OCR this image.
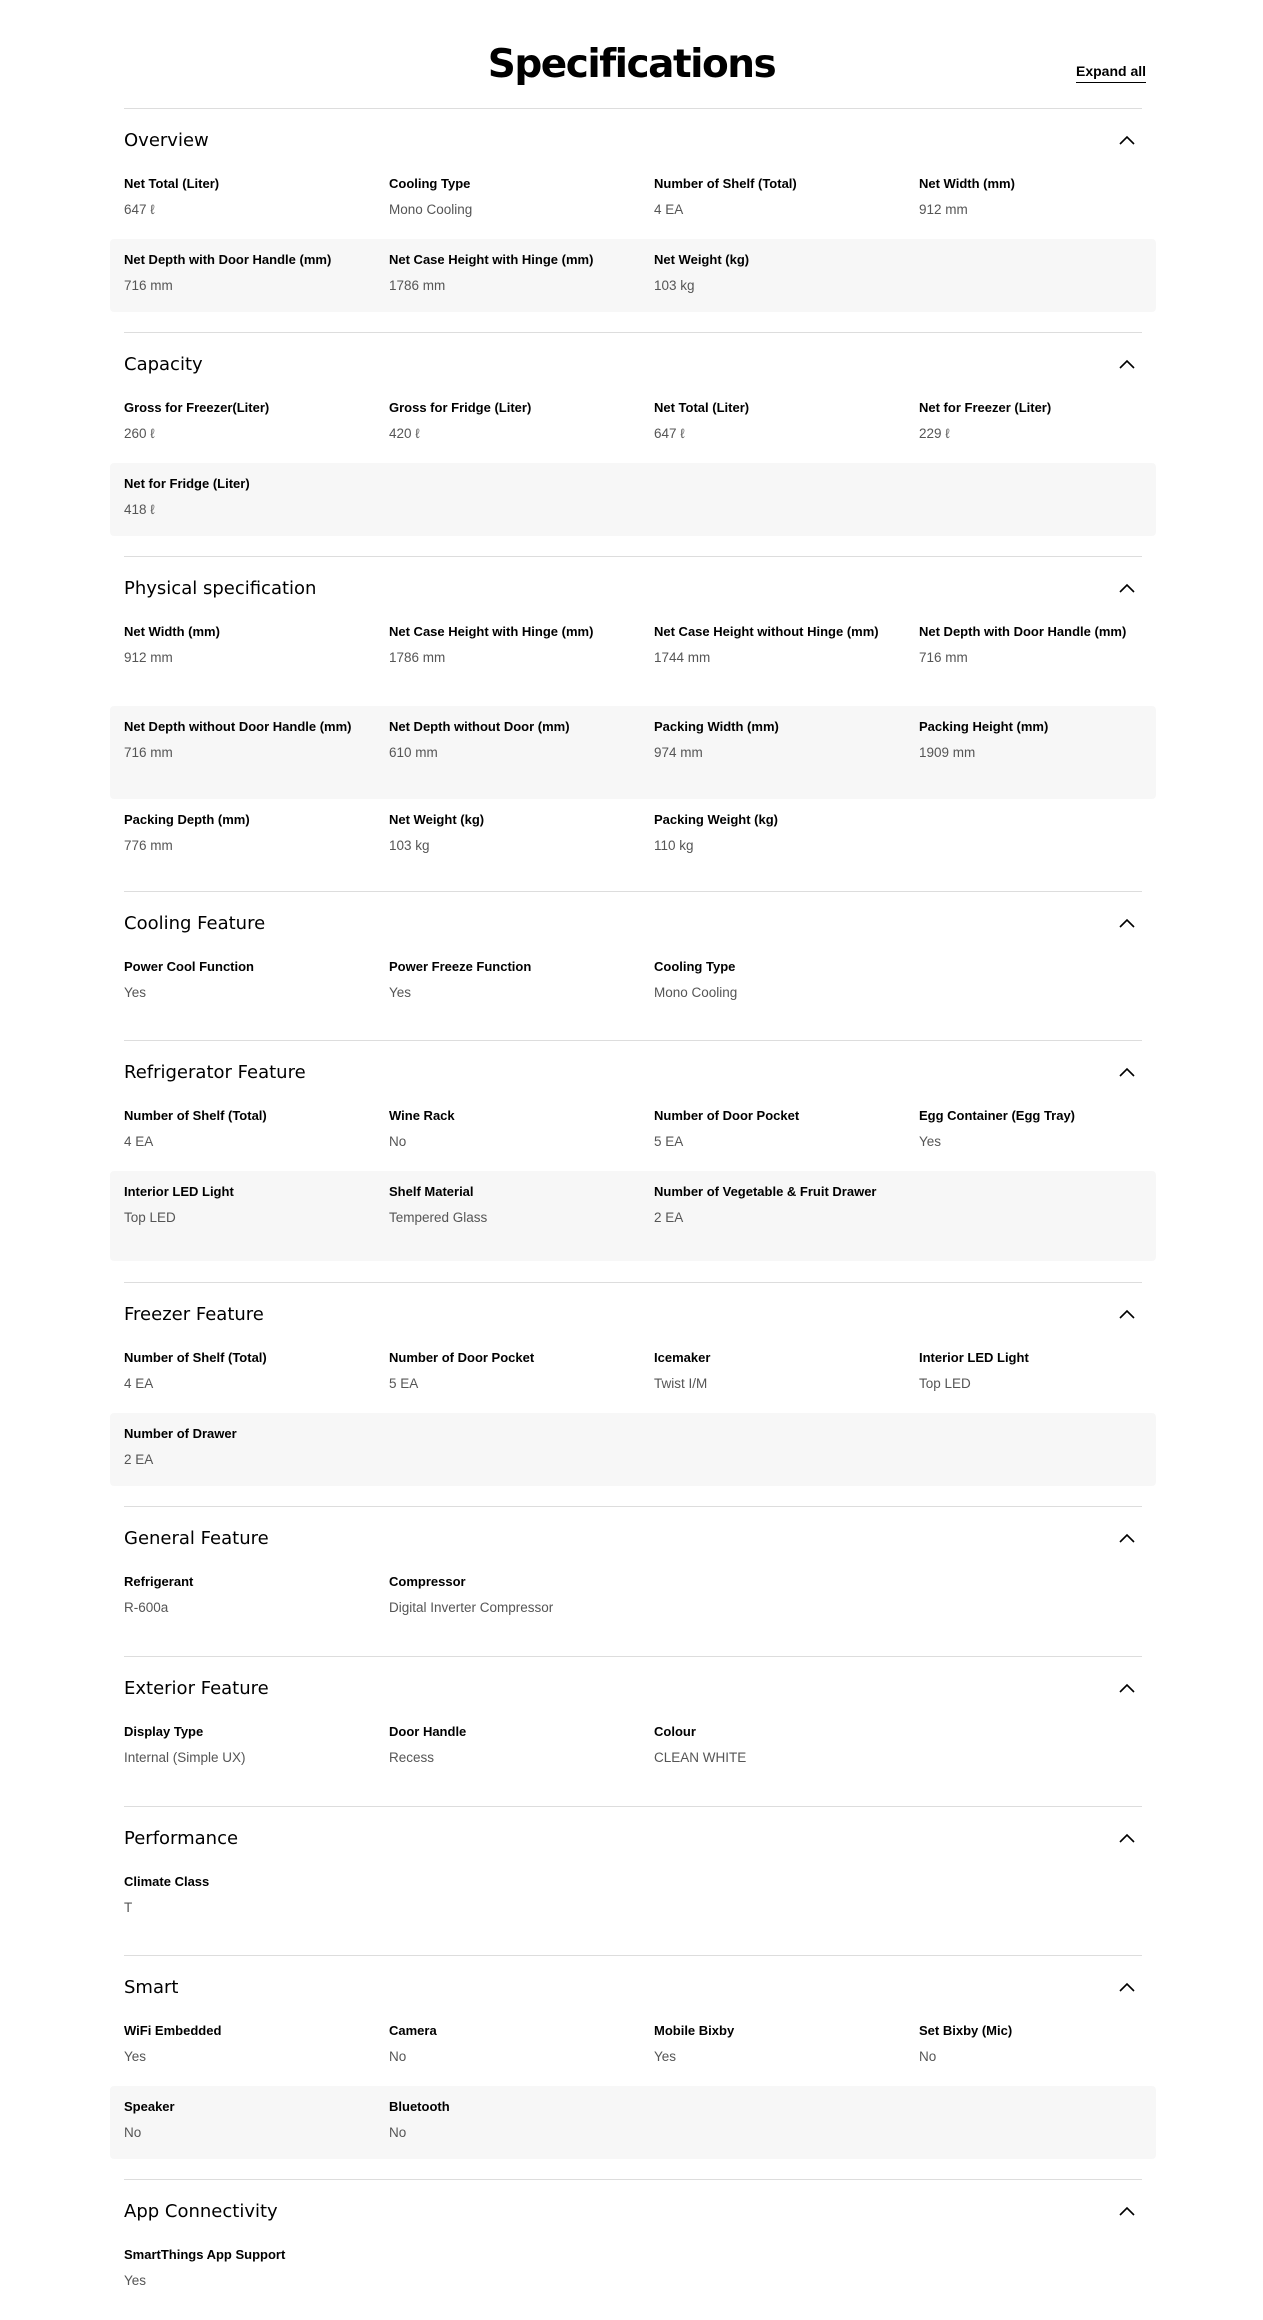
Specifications	Expand all
Overview
Net Total (Liter)
647 ℓ
Cooling Type
Mono Cooling
Number of Shelf (Total)
4 EA
Net Width (mm)
912 mm
Net Depth with Door Handle (mm)
716 mm
Net Case Height with Hinge (mm)
1786 mm
Net Weight (kg)
103 kg
Capacity
Gross for Freezer(Liter)
260 ℓ
Gross for Fridge (Liter)
420 ℓ
Net Total (Liter)
647 ℓ
Net for Freezer (Liter)
229 ℓ
Net for Fridge (Liter)
418 ℓ
Physical specification
Net Width (mm)
912 mm
Net Case Height with Hinge (mm)
1786 mm
Net Case Height without Hinge (mm)
1744 mm
Net Depth with Door Handle (mm)
716 mm
Net Depth without Door Handle (mm)
716 mm
Net Depth without Door (mm)
610 mm
Packing Width (mm)
974 mm
Packing Height (mm)
1909 mm
Packing Depth (mm)
776 mm
Net Weight (kg)
103 kg
Packing Weight (kg)
110 kg
Cooling Feature
Power Cool Function
Yes
Power Freeze Function
Yes
Cooling Type
Mono Cooling
Refrigerator Feature
Number of Shelf (Total)
4 EA
Wine Rack
No
Number of Door Pocket
5 EA
Egg Container (Egg Tray)
Yes
Interior LED Light
Top LED
Shelf Material
Tempered Glass
Number of Vegetable & Fruit Drawer
2 EA
Freezer Feature
Number of Shelf (Total)
4 EA
Number of Door Pocket
5 EA
Icemaker
Twist I/M
Interior LED Light
Top LED
Number of Drawer
2 EA
General Feature
Refrigerant
R-600a
Compressor
Digital Inverter Compressor
Exterior Feature
Display Type
Internal (Simple UX)
Door Handle
Recess
Colour
CLEAN WHITE
Performance
Climate Class
T
Smart
WiFi Embedded
Yes
Camera
No
Mobile Bixby
Yes
Set Bixby (Mic)
No
Speaker
No
Bluetooth
No
App Connectivity
SmartThings App Support
Yes
